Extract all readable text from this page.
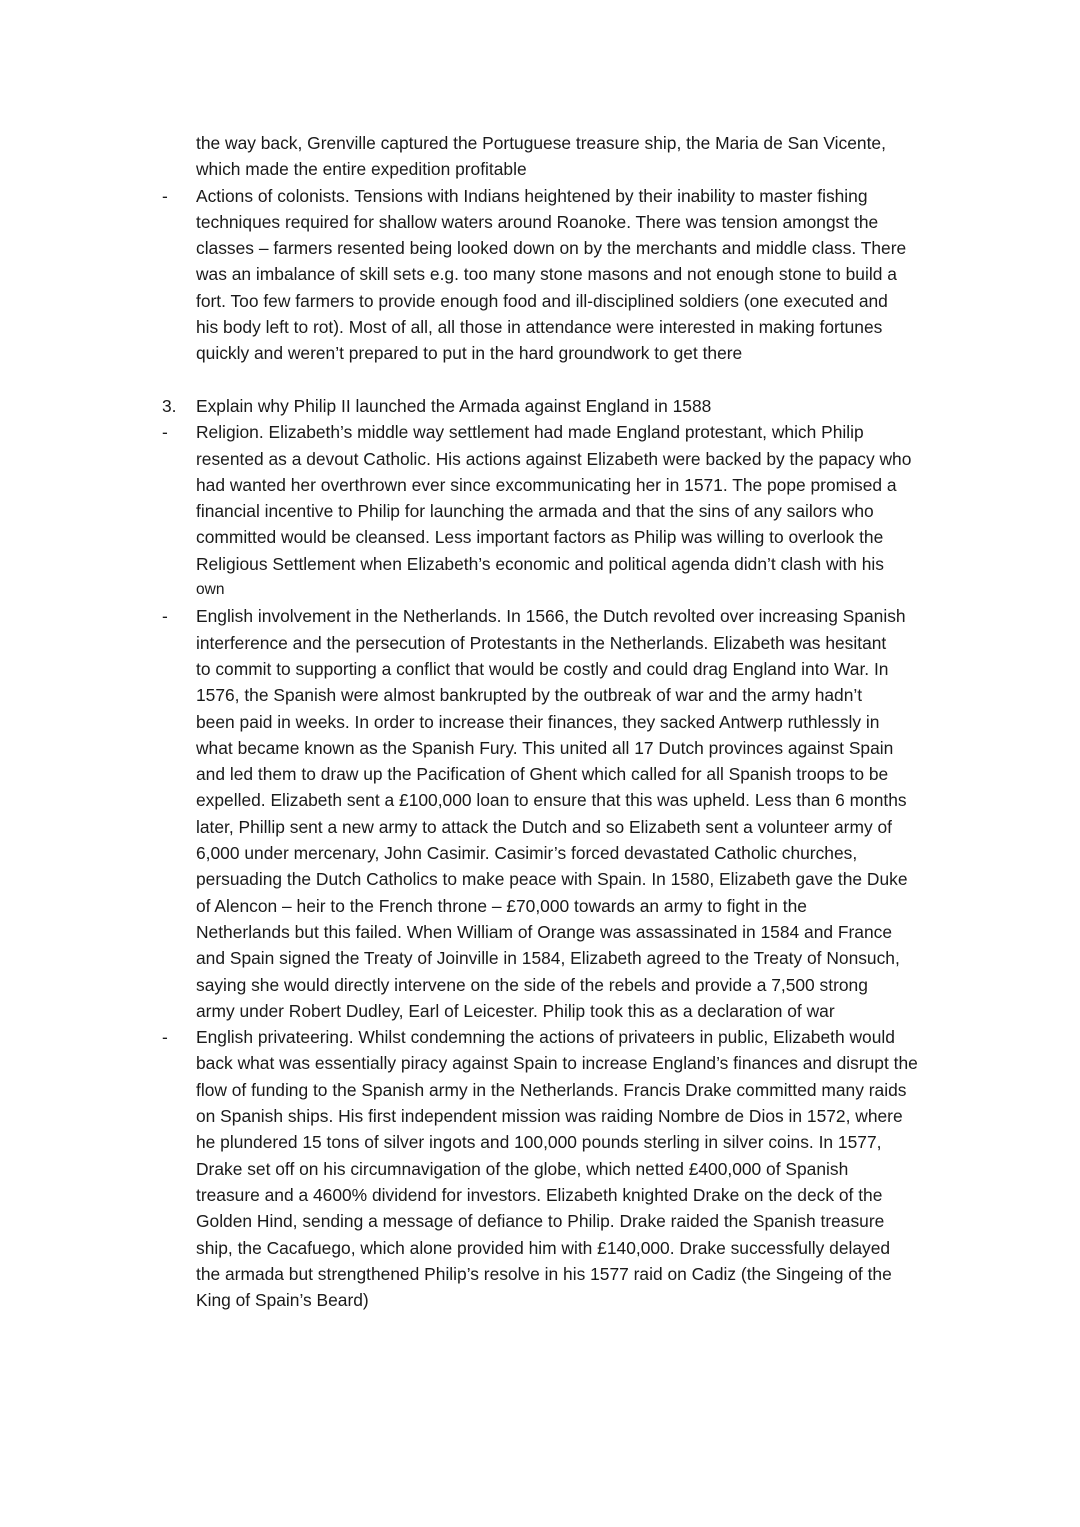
the way back, Grenville captured the Portuguese treasure ship, the Maria de San Vicente,
which made the entire expedition profitable
- Actions of colonists. Tensions with Indians heightened by their inability to master fishing
techniques required for shallow waters around Roanoke. There was tension amongst the
classes – farmers resented being looked down on by the merchants and middle class. There
was an imbalance of skill sets e.g. too many stone masons and not enough stone to build a
fort. Too few farmers to provide enough food and ill-disciplined soldiers (one executed and
his body left to rot). Most of all, all those in attendance were interested in making fortunes
quickly and weren’t prepared to put in the hard groundwork to get there
3. Explain why Philip II launched the Armada against England in 1588
- Religion. Elizabeth’s middle way settlement had made England protestant, which Philip
resented as a devout Catholic. His actions against Elizabeth were backed by the papacy who
had wanted her overthrown ever since excommunicating her in 1571. The pope promised a
financial incentive to Philip for launching the armada and that the sins of any sailors who
committed would be cleansed. Less important factors as Philip was willing to overlook the
Religious Settlement when Elizabeth’s economic and political agenda didn’t clash with his
own
- English involvement in the Netherlands. In 1566, the Dutch revolted over increasing Spanish
interference and the persecution of Protestants in the Netherlands. Elizabeth was hesitant
to commit to supporting a conflict that would be costly and could drag England into War. In
1576, the Spanish were almost bankrupted by the outbreak of war and the army hadn’t
been paid in weeks. In order to increase their finances, they sacked Antwerp ruthlessly in
what became known as the Spanish Fury. This united all 17 Dutch provinces against Spain
and led them to draw up the Pacification of Ghent which called for all Spanish troops to be
expelled. Elizabeth sent a £100,000 loan to ensure that this was upheld. Less than 6 months
later, Phillip sent a new army to attack the Dutch and so Elizabeth sent a volunteer army of
6,000 under mercenary, John Casimir. Casimir’s forced devastated Catholic churches,
persuading the Dutch Catholics to make peace with Spain. In 1580, Elizabeth gave the Duke
of Alencon – heir to the French throne – £70,000 towards an army to fight in the
Netherlands but this failed. When William of Orange was assassinated in 1584 and France
and Spain signed the Treaty of Joinville in 1584, Elizabeth agreed to the Treaty of Nonsuch,
saying she would directly intervene on the side of the rebels and provide a 7,500 strong
army under Robert Dudley, Earl of Leicester. Philip took this as a declaration of war
- English privateering. Whilst condemning the actions of privateers in public, Elizabeth would
back what was essentially piracy against Spain to increase England’s finances and disrupt the
flow of funding to the Spanish army in the Netherlands. Francis Drake committed many raids
on Spanish ships. His first independent mission was raiding Nombre de Dios in 1572, where
he plundered 15 tons of silver ingots and 100,000 pounds sterling in silver coins. In 1577,
Drake set off on his circumnavigation of the globe, which netted £400,000 of Spanish
treasure and a 4600% dividend for investors. Elizabeth knighted Drake on the deck of the
Golden Hind, sending a message of defiance to Philip. Drake raided the Spanish treasure
ship, the Cacafuego, which alone provided him with £140,000. Drake successfully delayed
the armada but strengthened Philip’s resolve in his 1577 raid on Cadiz (the Singeing of the
King of Spain’s Beard)
